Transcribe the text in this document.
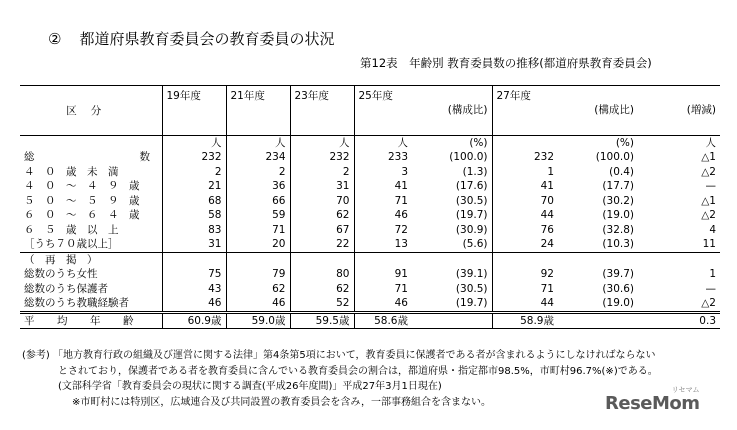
② 都道府県教育委員会の教育委員の状況
第12表　年齢別 教育委員数の推移(都道府県教育委員会)
区分	19年度	21年度	23年度	25年度	(構成比)	27年度	(構成比)	(増減)
	人	人	人	人	(%)		(%)	人
総　　　　　　　　　　数	232	234	232	233	(100.0)	232	(100.0)	△1
４　０　歳　未　満	2	2	2	3	(1.3)	1	(0.4)	△2
４　０　～　４　９　歳	21	36	31	41	(17.6)	41	(17.7)	—
５　０　～　５　９　歳	68	66	70	71	(30.5)	70	(30.2)	△1
６　０　～　６　４　歳	58	59	62	46	(19.7)	44	(19.0)	△2
６　５　歳　以　上	83	71	67	72	(30.9)	76	(32.8)	4
［うち７０歳以上］	31	20	22	13	(5.6)	24	(10.3)	11
（　再　掲　）								
総数のうち女性	75	79	80	91	(39.1)	92	(39.7)	1
総数のうち保護者	43	62	62	71	(30.5)	71	(30.6)	—
総数のうち教職経験者	46	46	52	46	(19.7)	44	(19.0)	△2
平　均　年　齢	60.9歳	59.0歳	59.5歳	58.6歳		58.9歳		0.3
(参考) 「地方教育行政の組織及び運営に関する法律」第4条第5項において，教育委員に保護者である者が含まれるようにしなければならない
とされており，保護者である者を教育委員に含んでいる教育委員会の割合は，都道府県・指定都市98.5%，市町村96.7%(※)である。
(文部科学省「教育委員会の現状に関する調査(平成26年度間)」平成27年3月1日現在)
※市町村には特別区，広域連合及び共同設置の教育委員会を含み，一部事務組合を含まない。	ReseMom
リセマム
